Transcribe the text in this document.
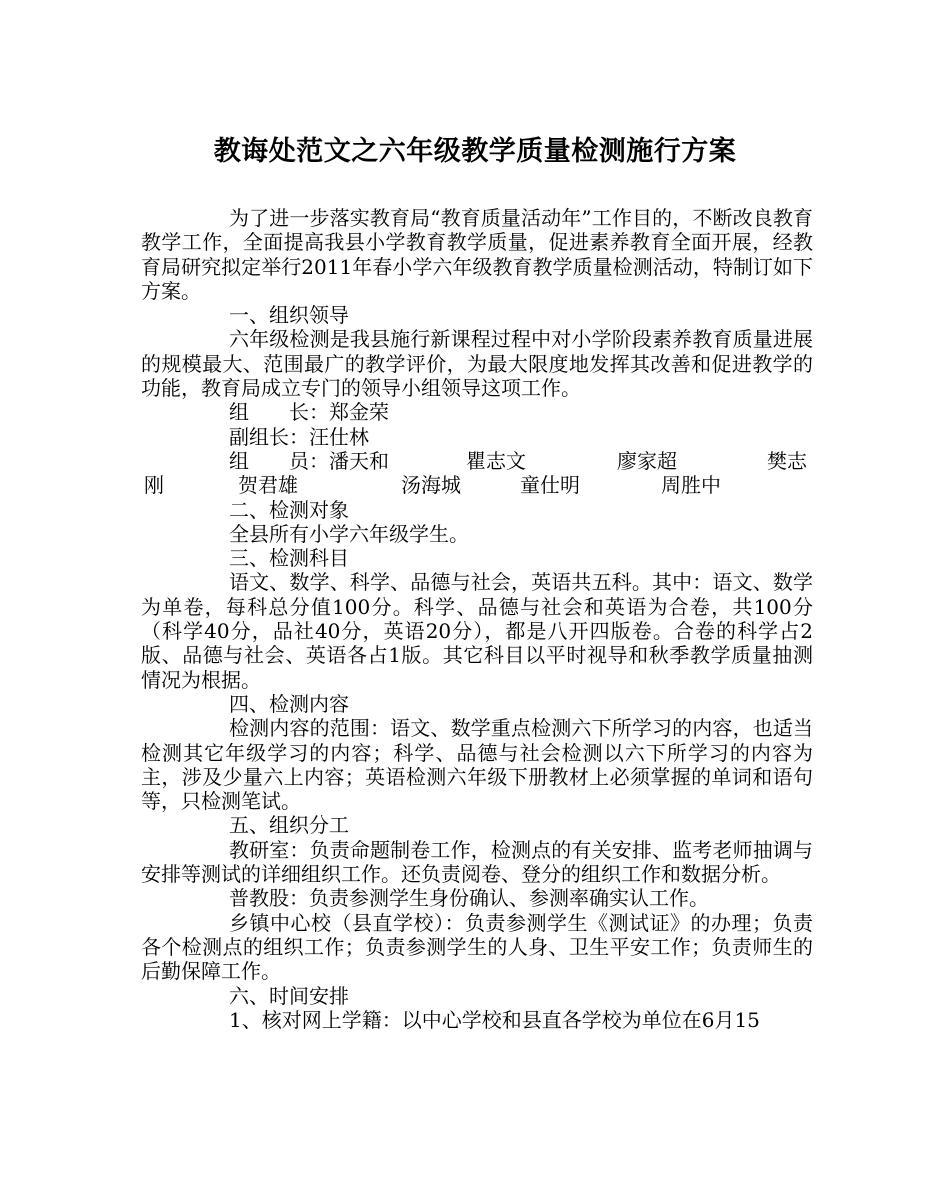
教诲处范文之六年级教学质量检测施行方案

为了进一步落实教育局“教育质量活动年”工作目的，不断改良教育教学工作，全面提高我县小学教育教学质量，促进素养教育全面开展，经教育局研究拟定举行2011年春小学六年级教育教学质量检测活动，特制订如下方案。

一、组织领导

六年级检测是我县施行新课程过程中对小学阶段素养教育质量进展的规模最大、范围最广的教学评价，为最大限度地发挥其改善和促进教学的功能，教育局成立专门的领导小组领导这项工作。

组　　长：郑金荣

副组长：汪仕林

组　　员：潘天和	瞿志文	廖家超	樊志
刚	贺君雄	汤海城	童仕明	周胜中

二、检测对象

全县所有小学六年级学生。

三、检测科目

语文、数学、科学、品德与社会，英语共五科。其中：语文、数学为单卷，每科总分值100分。科学、品德与社会和英语为合卷，共100分（科学40分，品社40分，英语20分），都是八开四版卷。合卷的科学占2版、品德与社会、英语各占1版。其它科目以平时视导和秋季教学质量抽测情况为根据。

四、检测内容

检测内容的范围：语文、数学重点检测六下所学习的内容，也适当检测其它年级学习的内容；科学、品德与社会检测以六下所学习的内容为主，涉及少量六上内容；英语检测六年级下册教材上必须掌握的单词和语句等，只检测笔试。

五、组织分工

教研室：负责命题制卷工作，检测点的有关安排、监考老师抽调与安排等测试的详细组织工作。还负责阅卷、登分的组织工作和数据分析。

普教股：负责参测学生身份确认、参测率确实认工作。

乡镇中心校（县直学校）：负责参测学生《测试证》的办理；负责各个检测点的组织工作；负责参测学生的人身、卫生平安工作；负责师生的后勤保障工作。

六、时间安排

1、核对网上学籍：以中心学校和县直各学校为单位在6月15
